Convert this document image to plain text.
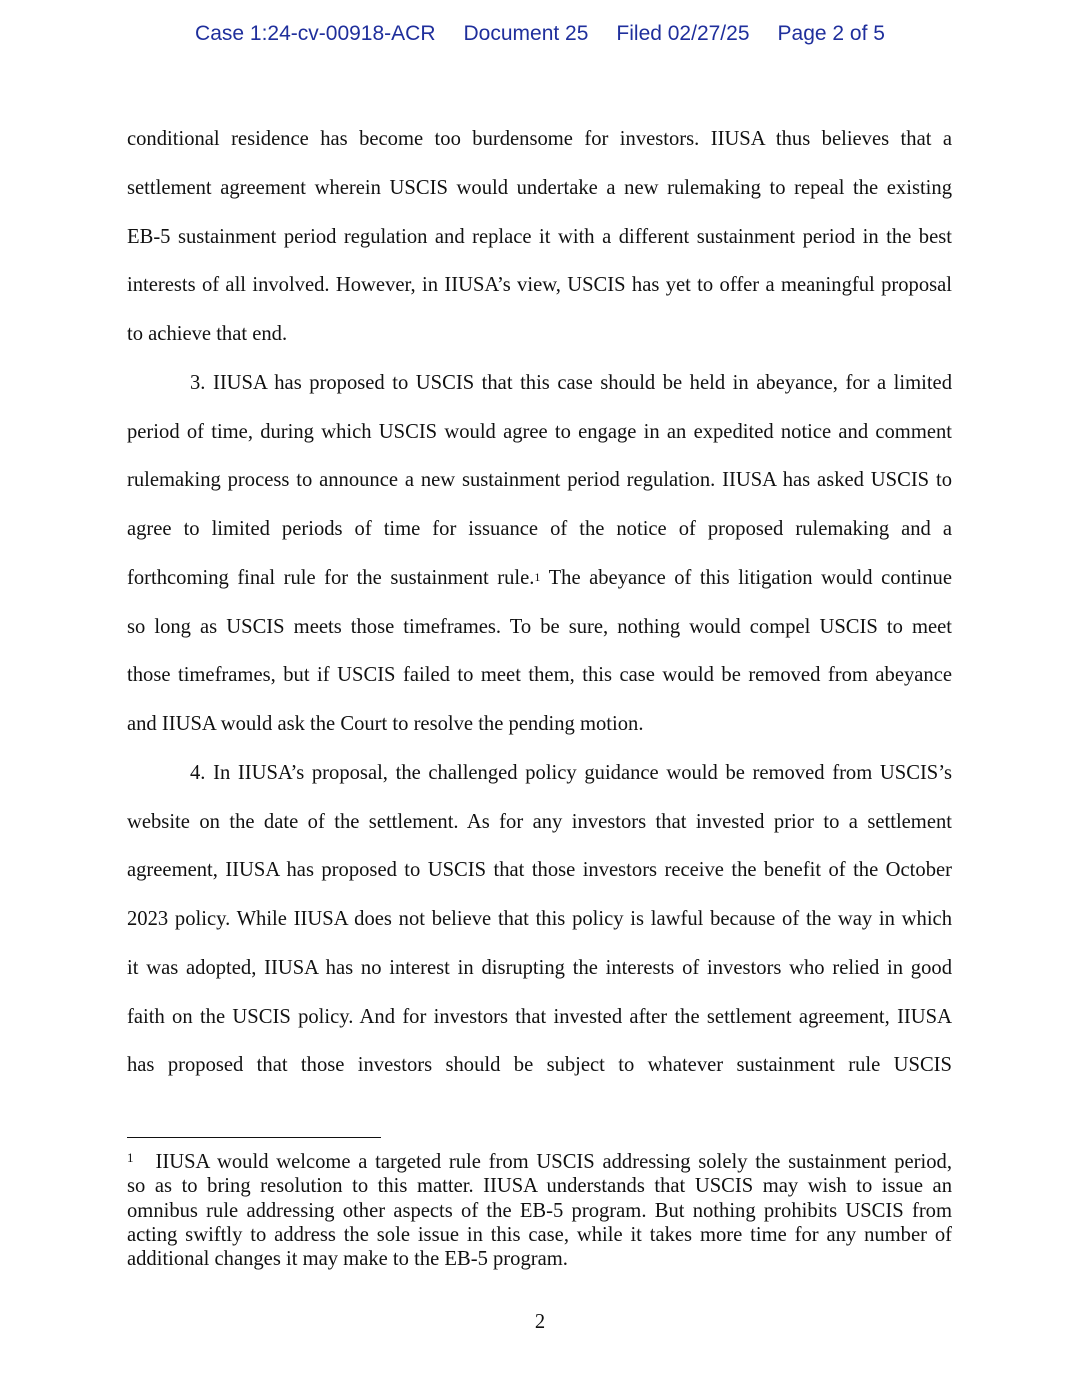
Case 1:24-cv-00918-ACR Document 25 Filed 02/27/25 Page 2 of 5
conditional residence has become too burdensome for investors. IIUSA thus believes that a
settlement agreement wherein USCIS would undertake a new rulemaking to repeal the existing
EB-5 sustainment period regulation and replace it with a different sustainment period in the best
interests of all involved. However, in IIUSA’s view, USCIS has yet to offer a meaningful proposal
to achieve that end.
3. IIUSA has proposed to USCIS that this case should be held in abeyance, for a limited
period of time, during which USCIS would agree to engage in an expedited notice and comment
rulemaking process to announce a new sustainment period regulation. IIUSA has asked USCIS to
agree to limited periods of time for issuance of the notice of proposed rulemaking and a
forthcoming final rule for the sustainment rule.$^1$ The abeyance of this litigation would continue
so long as USCIS meets those timeframes. To be sure, nothing would compel USCIS to meet
those timeframes, but if USCIS failed to meet them, this case would be removed from abeyance
and IIUSA would ask the Court to resolve the pending motion.
4. In IIUSA’s proposal, the challenged policy guidance would be removed from USCIS’s
website on the date of the settlement. As for any investors that invested prior to a settlement
agreement, IIUSA has proposed to USCIS that those investors receive the benefit of the October
2023 policy. While IIUSA does not believe that this policy is lawful because of the way in which
it was adopted, IIUSA has no interest in disrupting the interests of investors who relied in good
faith on the USCIS policy. And for investors that invested after the settlement agreement, IIUSA
has proposed that those investors should be subject to whatever sustainment rule USCIS
$^1$ IIUSA would welcome a targeted rule from USCIS addressing solely the sustainment period,
so as to bring resolution to this matter. IIUSA understands that USCIS may wish to issue an
omnibus rule addressing other aspects of the EB-5 program. But nothing prohibits USCIS from
acting swiftly to address the sole issue in this case, while it takes more time for any number of
additional changes it may make to the EB-5 program.
2
